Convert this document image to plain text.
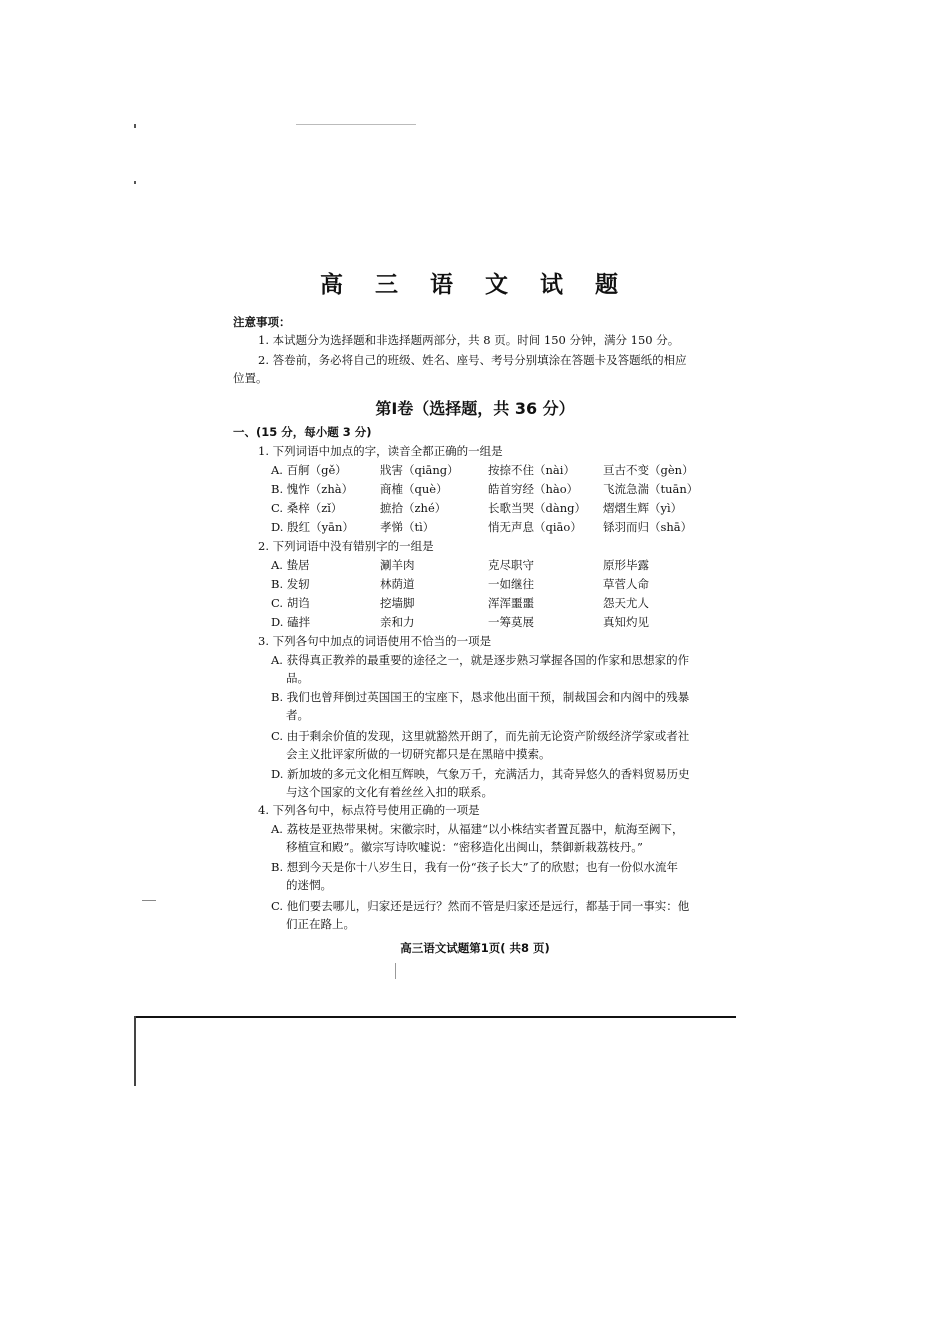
高 三 语 文 试 题
注意事项：
1. 本试题分为选择题和非选择题两部分，共 8 页。时间 150 分钟，满分 150 分。
2. 答卷前，务必将自己的班级、姓名、座号、考号分别填涂在答题卡及答题纸的相应
位置。
第Ⅰ卷（选择题，共 36 分）
一、(15 分，每小题 3 分)
1. 下列词语中加点的字，读音全都正确的一组是
A. 百舸（gě）	戕害（qiāng）	按捺不住（nài） 亘古不变（gèn）
B. 愧怍（zhà） 商榷（què）	皓首穷经（hào） 飞流急湍（tuān）
C. 桑梓（zǐ）	摭拾（zhé）	长歌当哭（dàng） 熠熠生辉（yì）
D. 殷红（yān） 孝悌（tì）	悄无声息（qiāo） 铩羽而归（shā）
2. 下列词语中没有错别字的一组是
A. 蛰居	涮羊肉	克尽职守	原形毕露
B. 发轫	林荫道	一如继往	草菅人命
C. 胡诌	挖墙脚	浑浑噩噩	怨天尤人
D. 磕拌	亲和力	一筹莫展	真知灼见
3. 下列各句中加点的词语使用不恰当的一项是
A. 获得真正教养的最重要的途径之一，就是逐步熟习掌握各国的作家和思想家的作
品。
B. 我们也曾拜倒过英国国王的宝座下，恳求他出面干预，制裁国会和内阁中的残暴
者。
C. 由于剩余价值的发现，这里就豁然开朗了，而先前无论资产阶级经济学家或者社
会主义批评家所做的一切研究都只是在黑暗中摸索。
D. 新加坡的多元文化相互辉映，气象万千，充满活力，其奇异悠久的香料贸易历史
与这个国家的文化有着丝丝入扣的联系。
4. 下列各句中，标点符号使用正确的一项是
A. 荔枝是亚热带果树。宋徽宗时，从福建“以小株结实者置瓦器中，航海至阙下，
移植宣和殿”。徽宗写诗吹嘘说：“密移造化出闽山，禁御新栽荔枝丹。”
B. 想到今天是你十八岁生日，我有一份“孩子长大”了的欣慰；也有一份似水流年
的迷惘。
C. 他们要去哪儿，归家还是远行？然而不管是归家还是远行，都基于同一事实：他
们正在路上。
高三语文试题第1页( 共8 页)
